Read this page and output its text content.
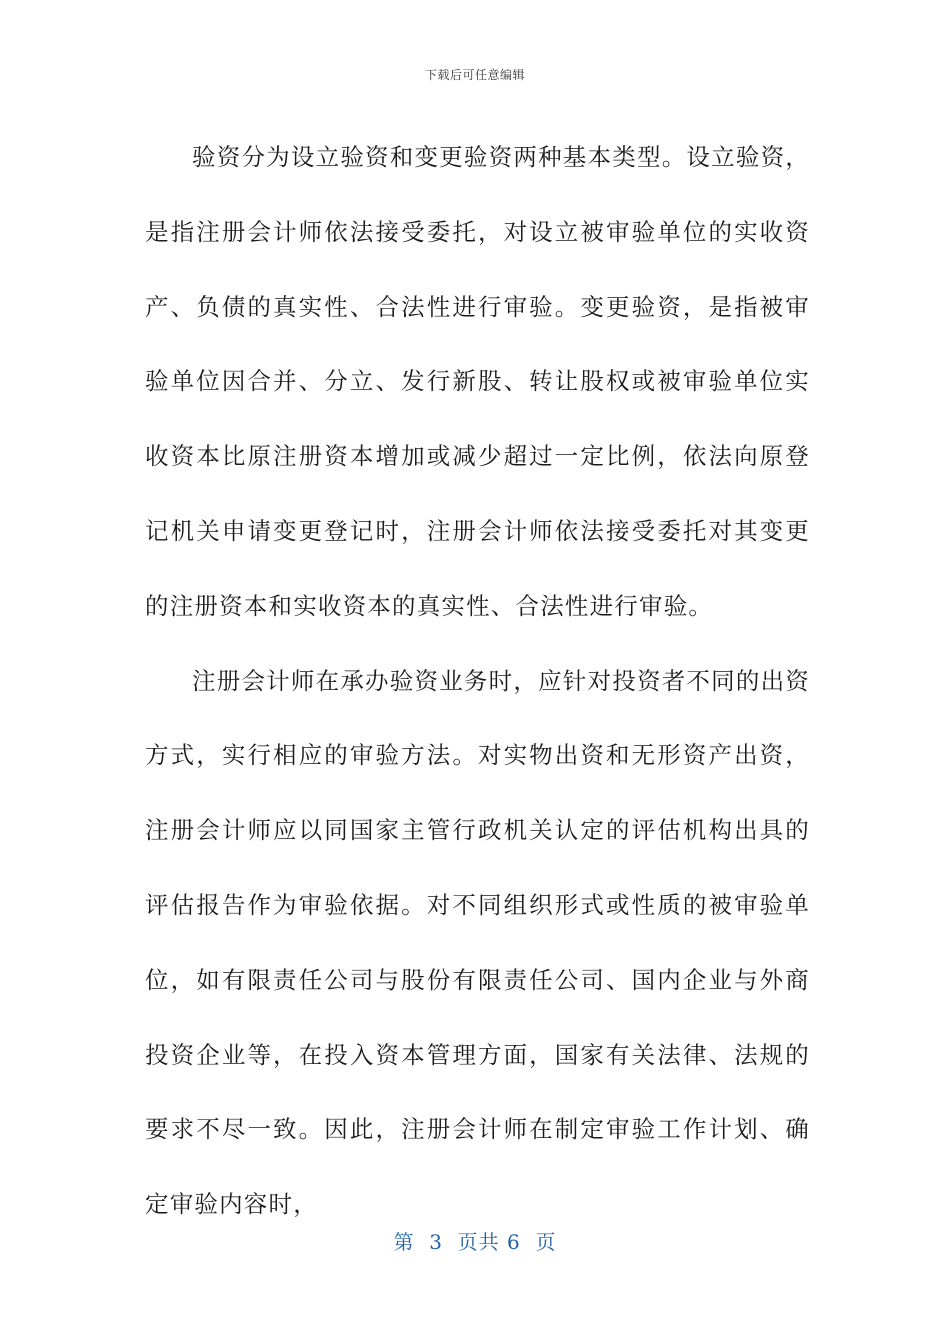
下载后可任意编辑

验资分为设立验资和变更验资两种基本类型。设立验资，是指注册会计师依法接受委托，对设立被审验单位的实收资产、负债的真实性、合法性进行审验。变更验资，是指被审验单位因合并、分立、发行新股、转让股权或被审验单位实收资本比原注册资本增加或减少超过一定比例，依法向原登记机关申请变更登记时，注册会计师依法接受委托对其变更的注册资本和实收资本的真实性、合法性进行审验。

注册会计师在承办验资业务时，应针对投资者不同的出资方式，实行相应的审验方法。对实物出资和无形资产出资，注册会计师应以同国家主管行政机关认定的评估机构出具的评估报告作为审验依据。对不同组织形式或性质的被审验单位，如有限责任公司与股份有限责任公司、国内企业与外商投资企业等，在投入资本管理方面，国家有关法律、法规的要求不尽一致。因此，注册会计师在制定审验工作计划、确定审验内容时，

第  3  页共 6  页
